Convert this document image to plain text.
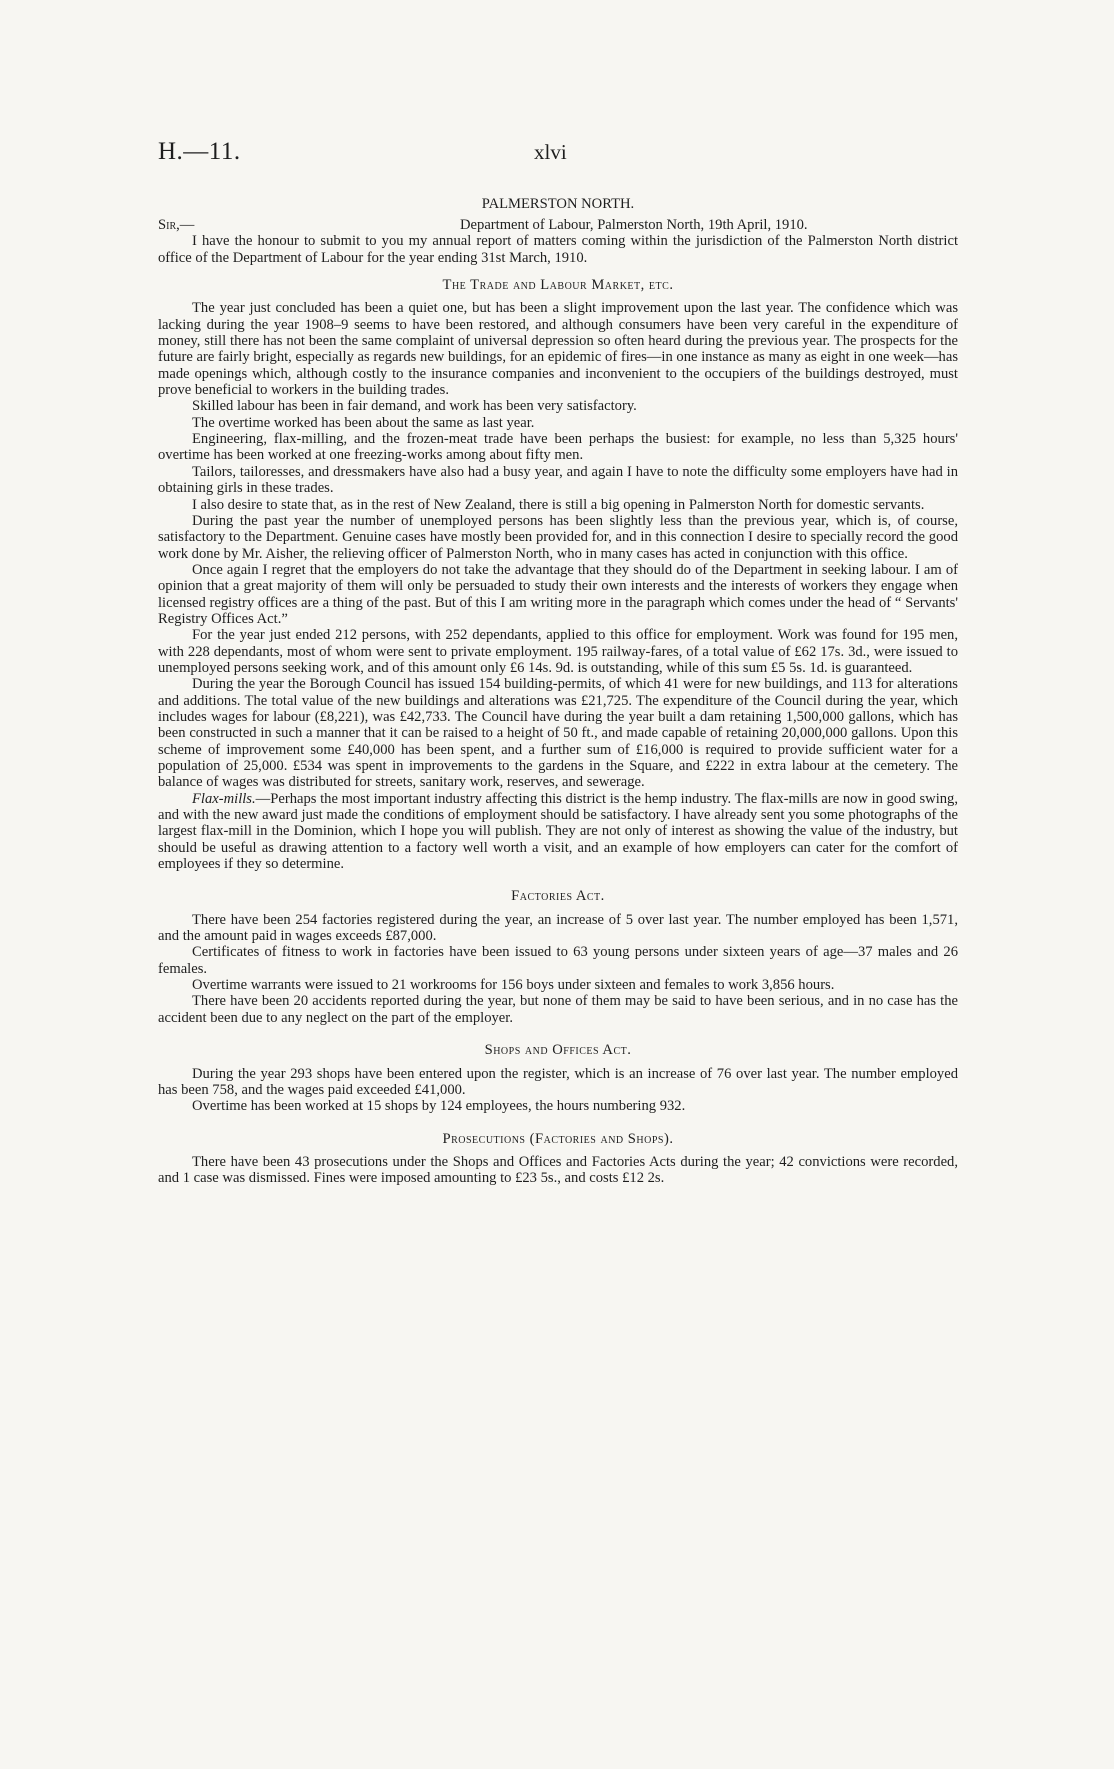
H.—11.	xlvi
PALMERSTON NORTH.
Sir,—	Department of Labour, Palmerston North, 19th April, 1910.

I have the honour to submit to you my annual report of matters coming within the jurisdiction of the Palmerston North district office of the Department of Labour for the year ending 31st March, 1910.

The Trade and Labour Market, etc.

The year just concluded has been a quiet one, but has been a slight improvement upon the last year. The confidence which was lacking during the year 1908–9 seems to have been restored, and although consumers have been very careful in the expenditure of money, still there has not been the same complaint of universal depression so often heard during the previous year. The prospects for the future are fairly bright, especially as regards new buildings, for an epidemic of fires—in one instance as many as eight in one week—has made openings which, although costly to the insurance companies and inconvenient to the occupiers of the buildings destroyed, must prove beneficial to workers in the building trades.

Skilled labour has been in fair demand, and work has been very satisfactory.

The overtime worked has been about the same as last year.

Engineering, flax-milling, and the frozen-meat trade have been perhaps the busiest: for example, no less than 5,325 hours' overtime has been worked at one freezing-works among about fifty men.

Tailors, tailoresses, and dressmakers have also had a busy year, and again I have to note the difficulty some employers have had in obtaining girls in these trades.

I also desire to state that, as in the rest of New Zealand, there is still a big opening in Palmerston North for domestic servants.

During the past year the number of unemployed persons has been slightly less than the previous year, which is, of course, satisfactory to the Department. Genuine cases have mostly been provided for, and in this connection I desire to specially record the good work done by Mr. Aisher, the relieving officer of Palmerston North, who in many cases has acted in conjunction with this office.

Once again I regret that the employers do not take the advantage that they should do of the Department in seeking labour. I am of opinion that a great majority of them will only be persuaded to study their own interests and the interests of workers they engage when licensed registry offices are a thing of the past. But of this I am writing more in the paragraph which comes under the head of “ Servants' Registry Offices Act.”

For the year just ended 212 persons, with 252 dependants, applied to this office for employment. Work was found for 195 men, with 228 dependants, most of whom were sent to private employment. 195 railway-fares, of a total value of £62 17s. 3d., were issued to unemployed persons seeking work, and of this amount only £6 14s. 9d. is outstanding, while of this sum £5 5s. 1d. is guaranteed.

During the year the Borough Council has issued 154 building-permits, of which 41 were for new buildings, and 113 for alterations and additions. The total value of the new buildings and alterations was £21,725. The expenditure of the Council during the year, which includes wages for labour (£8,221), was £42,733. The Council have during the year built a dam retaining 1,500,000 gallons, which has been constructed in such a manner that it can be raised to a height of 50 ft., and made capable of retaining 20,000,000 gallons. Upon this scheme of improvement some £40,000 has been spent, and a further sum of £16,000 is required to provide sufficient water for a population of 25,000. £534 was spent in improvements to the gardens in the Square, and £222 in extra labour at the cemetery. The balance of wages was distributed for streets, sanitary work, reserves, and sewerage.

Flax-mills.—Perhaps the most important industry affecting this district is the hemp industry. The flax-mills are now in good swing, and with the new award just made the conditions of employment should be satisfactory. I have already sent you some photographs of the largest flax-mill in the Dominion, which I hope you will publish. They are not only of interest as showing the value of the industry, but should be useful as drawing attention to a factory well worth a visit, and an example of how employers can cater for the comfort of employees if they so determine.

Factories Act.

There have been 254 factories registered during the year, an increase of 5 over last year. The number employed has been 1,571, and the amount paid in wages exceeds £87,000.

Certificates of fitness to work in factories have been issued to 63 young persons under sixteen years of age—37 males and 26 females.

Overtime warrants were issued to 21 workrooms for 156 boys under sixteen and females to work 3,856 hours.

There have been 20 accidents reported during the year, but none of them may be said to have been serious, and in no case has the accident been due to any neglect on the part of the employer.

Shops and Offices Act.

During the year 293 shops have been entered upon the register, which is an increase of 76 over last year. The number employed has been 758, and the wages paid exceeded £41,000.

Overtime has been worked at 15 shops by 124 employees, the hours numbering 932.

Prosecutions (Factories and Shops).

There have been 43 prosecutions under the Shops and Offices and Factories Acts during the year; 42 convictions were recorded, and 1 case was dismissed. Fines were imposed amounting to £23 5s., and costs £12 2s.
